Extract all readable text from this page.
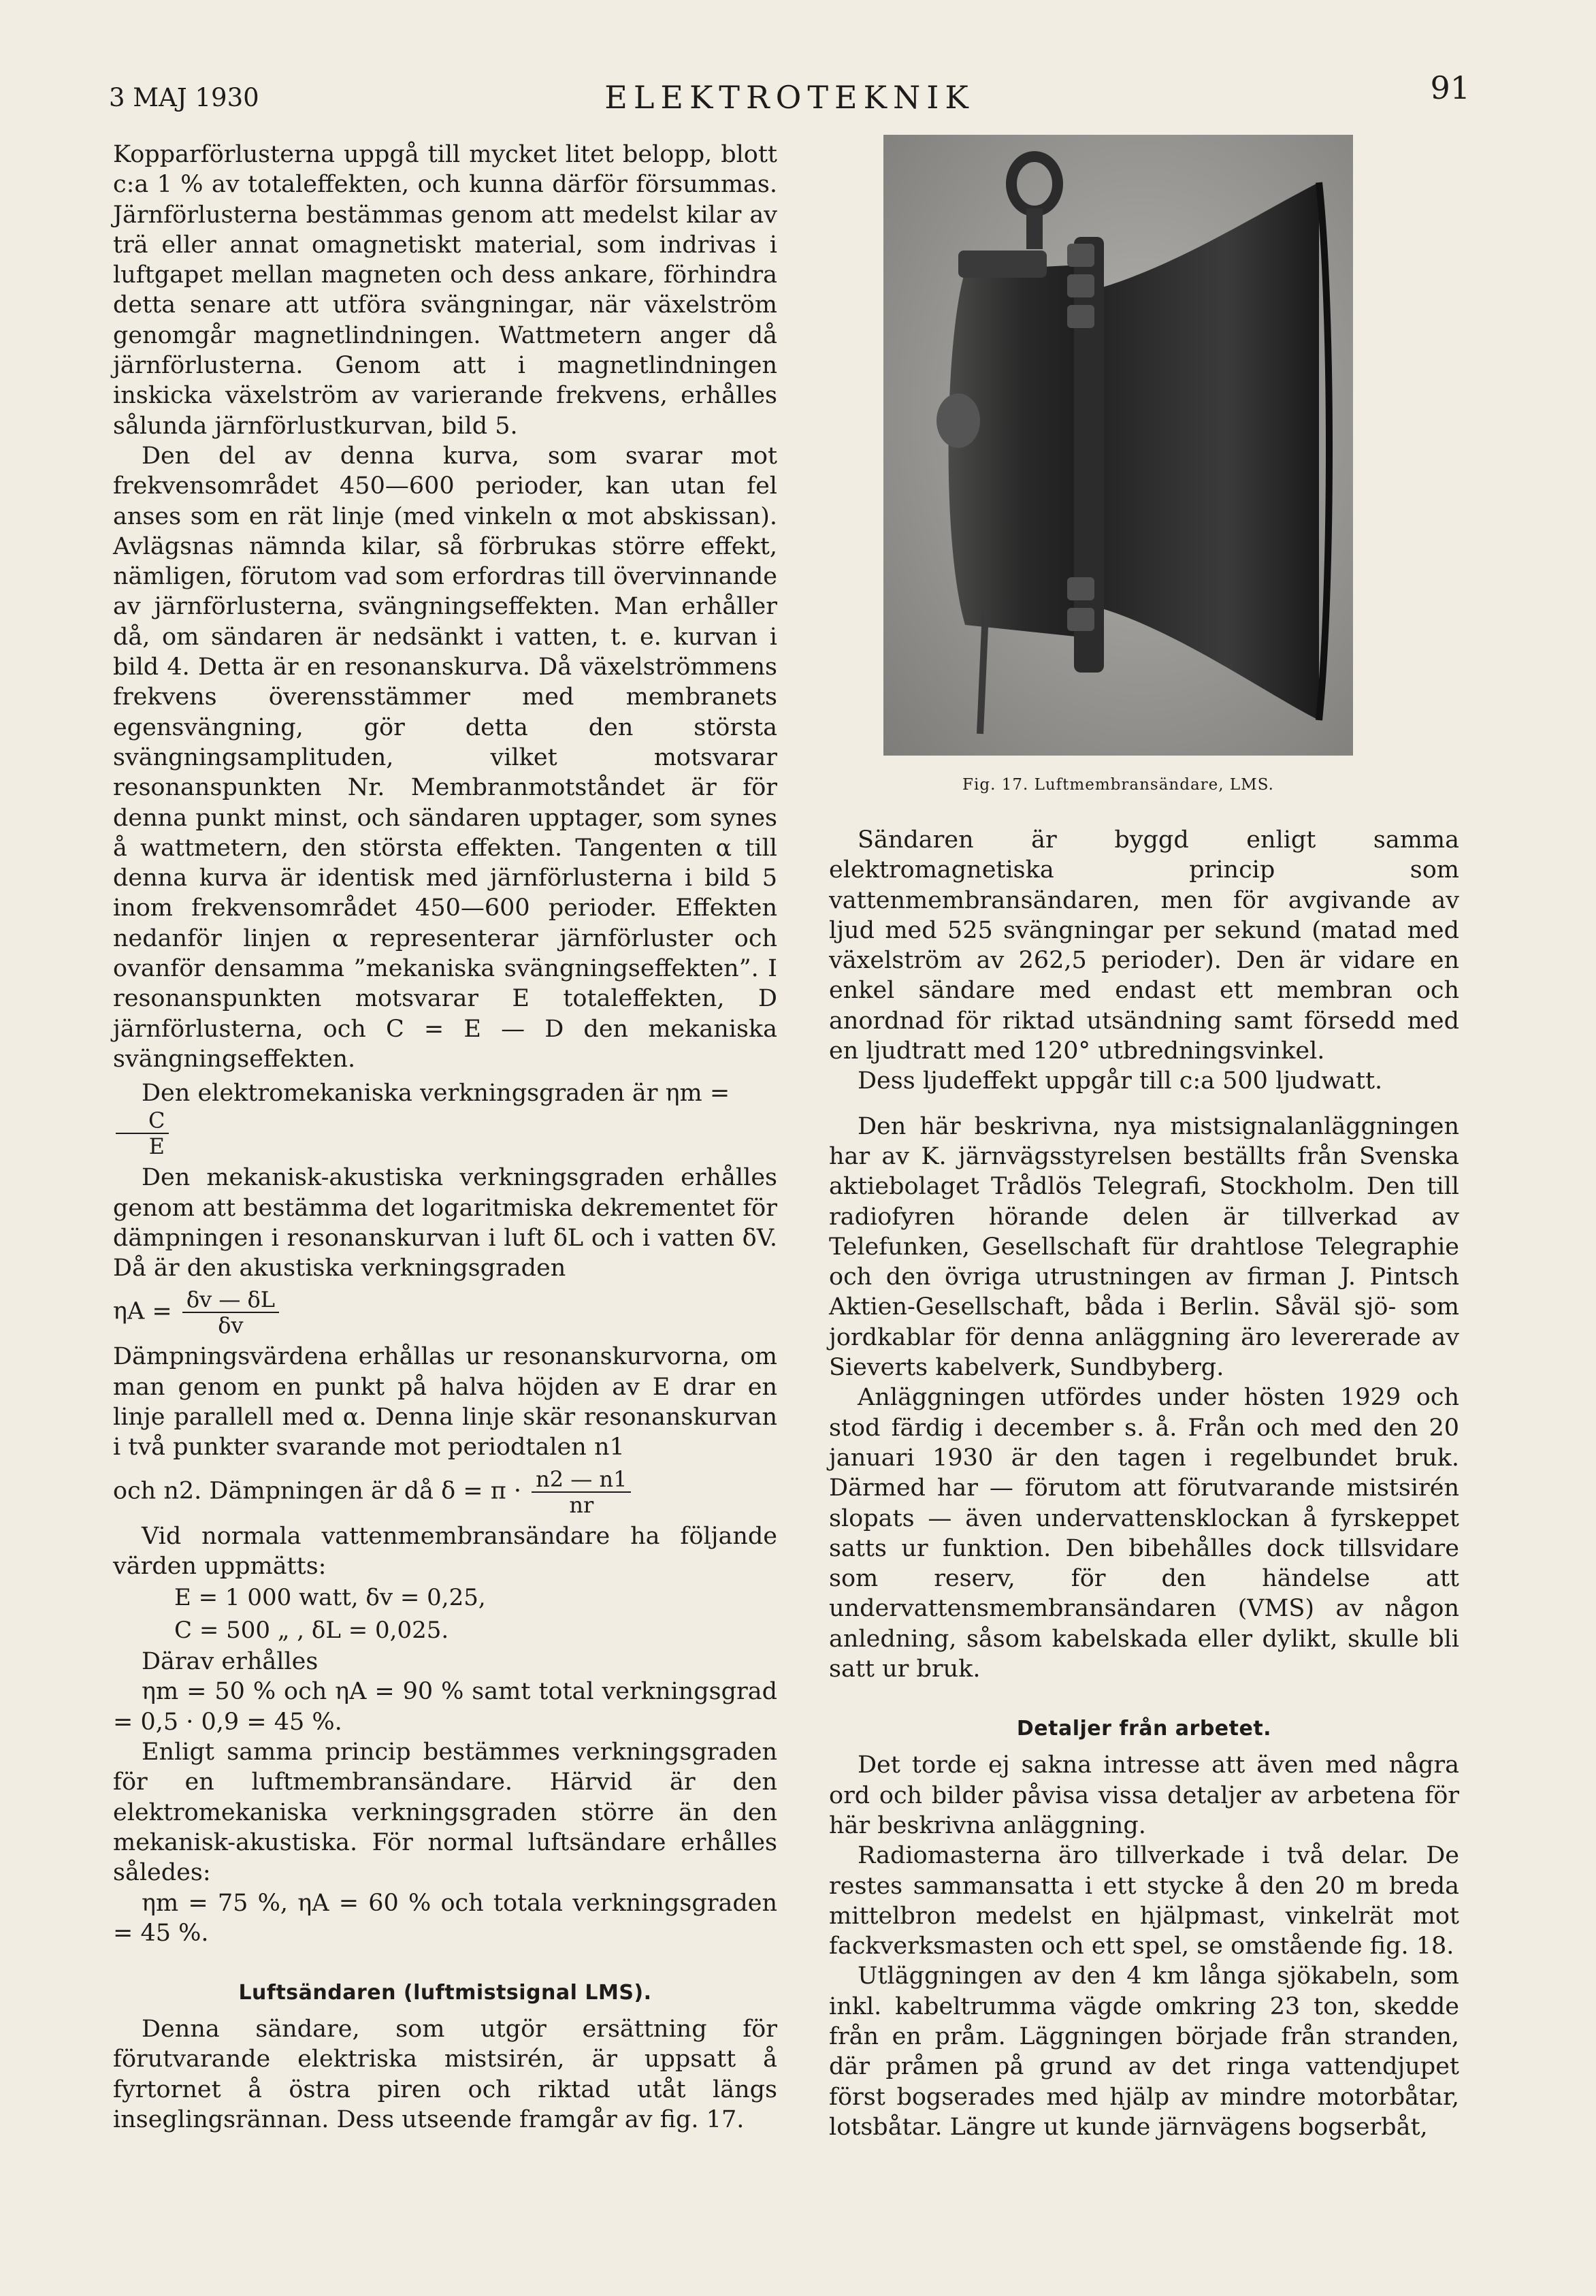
3 MAJ 1930	ELEKTROTEKNIK	91

Kopparförlusterna uppgå till mycket litet belopp, blott c:a 1 % av totaleffekten, och kunna därför försummas. Järnförlusterna bestämmas genom att medelst kilar av trä eller annat omagnetiskt material, som indrivas i luftgapet mellan magneten och dess ankare, förhindra detta senare att utföra svängningar, när växelström genomgår magnetlindningen. Wattmetern anger då järnförlusterna. Genom att i magnetlindningen inskicka växelström av varierande frekvens, erhålles sålunda järnförlustkurvan, bild 5.

Den del av denna kurva, som svarar mot frekvensområdet 450—600 perioder, kan utan fel anses som en rät linje (med vinkeln α mot abskissan). Avlägsnas nämnda kilar, så förbrukas större effekt, nämligen, förutom vad som erfordras till övervinnande av järnförlusterna, svängningseffekten. Man erhåller då, om sändaren är nedsänkt i vatten, t. e. kurvan i bild 4. Detta är en resonanskurva. Då växelströmmens frekvens överensstämmer med membranets egensvängning, gör detta den största svängningsamplituden, vilket motsvarar resonanspunkten Nr. Membranmotståndet är för denna punkt minst, och sändaren upptager, som synes å wattmetern, den största effekten. Tangenten α till denna kurva är identisk med järnförlusterna i bild 5 inom frekvensområdet 450—600 perioder. Effekten nedanför linjen α representerar järnförluster och ovanför densamma ”mekaniska svängningseffekten”. I resonanspunkten motsvarar E totaleffekten, D järnförlusterna, och C = E — D den mekaniska svängningseffekten.

Den elektromekaniska verkningsgraden är ηm =
$\frac{C}{E}$

Den mekanisk-akustiska verkningsgraden erhålles genom att bestämma det logaritmiska dekrementet för dämpningen i resonanskurvan i luft δL och i vatten δV. Då är den akustiska verkningsgraden

$\eta A = \frac{\delta v — \delta L}{\delta v}$

Dämpningsvärdena erhållas ur resonanskurvorna, om man genom en punkt på halva höjden av E drar en linje parallell med α. Denna linje skär resonanskurvan i två punkter svarande mot periodtalen n1

och n2. Dämpningen är då $\delta = \pi \cdot \frac{n2 — n1}{nr}$

Vid normala vattenmembransändare ha följande värden uppmätts:

E = 1 000 watt, δv = 0,25,

C = 500 „ , δL = 0,025.

Därav erhålles

ηm = 50 % och ηA = 90 % samt total verkningsgrad = 0,5 · 0,9 = 45 %.

Enligt samma princip bestämmes verkningsgraden för en luftmembransändare. Härvid är den elektromekaniska verkningsgraden större än den mekanisk-akustiska. För normal luftsändare erhålles således:

ηm = 75 %, ηA = 60 % och totala verkningsgraden = 45 %.

Luftsändaren (luftmistsignal LMS).

Denna sändare, som utgör ersättning för förutvarande elektriska mistsirén, är uppsatt å fyrtornet å östra piren och riktad utåt längs inseglingsrännan. Dess utseende framgår av fig. 17.

Fig. 17. Luftmembransändare, LMS.

Sändaren är byggd enligt samma elektromagnetiska princip som vattenmembransändaren, men för avgivande av ljud med 525 svängningar per sekund (matad med växelström av 262,5 perioder). Den är vidare en enkel sändare med endast ett membran och anordnad för riktad utsändning samt försedd med en ljudtratt med 120° utbredningsvinkel.

Dess ljudeffekt uppgår till c:a 500 ljudwatt.

Den här beskrivna, nya mistsignalanläggningen har av K. järnvägsstyrelsen beställts från Svenska aktiebolaget Trådlös Telegrafi, Stockholm. Den till radiofyren hörande delen är tillverkad av Telefunken, Gesellschaft für drahtlose Telegraphie och den övriga utrustningen av firman J. Pintsch Aktien-Gesellschaft, båda i Berlin. Såväl sjö- som jordkablar för denna anläggning äro levererade av Sieverts kabelverk, Sundbyberg.

Anläggningen utfördes under hösten 1929 och stod färdig i december s. å. Från och med den 20 januari 1930 är den tagen i regelbundet bruk. Därmed har — förutom att förutvarande mistsirén slopats — även undervattensklockan å fyrskeppet satts ur funktion. Den bibehålles dock tillsvidare som reserv, för den händelse att undervattensmembransändaren (VMS) av någon anledning, såsom kabelskada eller dylikt, skulle bli satt ur bruk.

Detaljer från arbetet.

Det torde ej sakna intresse att även med några ord och bilder påvisa vissa detaljer av arbetena för här beskrivna anläggning.

Radiomasterna äro tillverkade i två delar. De restes sammansatta i ett stycke å den 20 m breda mittelbron medelst en hjälpmast, vinkelrät mot fackverksmasten och ett spel, se omstående fig. 18.

Utläggningen av den 4 km långa sjökabeln, som inkl. kabeltrumma vägde omkring 23 ton, skedde från en pråm. Läggningen började från stranden, där pråmen på grund av det ringa vattendjupet först bogserades med hjälp av mindre motorbåtar, lotsbåtar. Längre ut kunde järnvägens bogserbåt,
